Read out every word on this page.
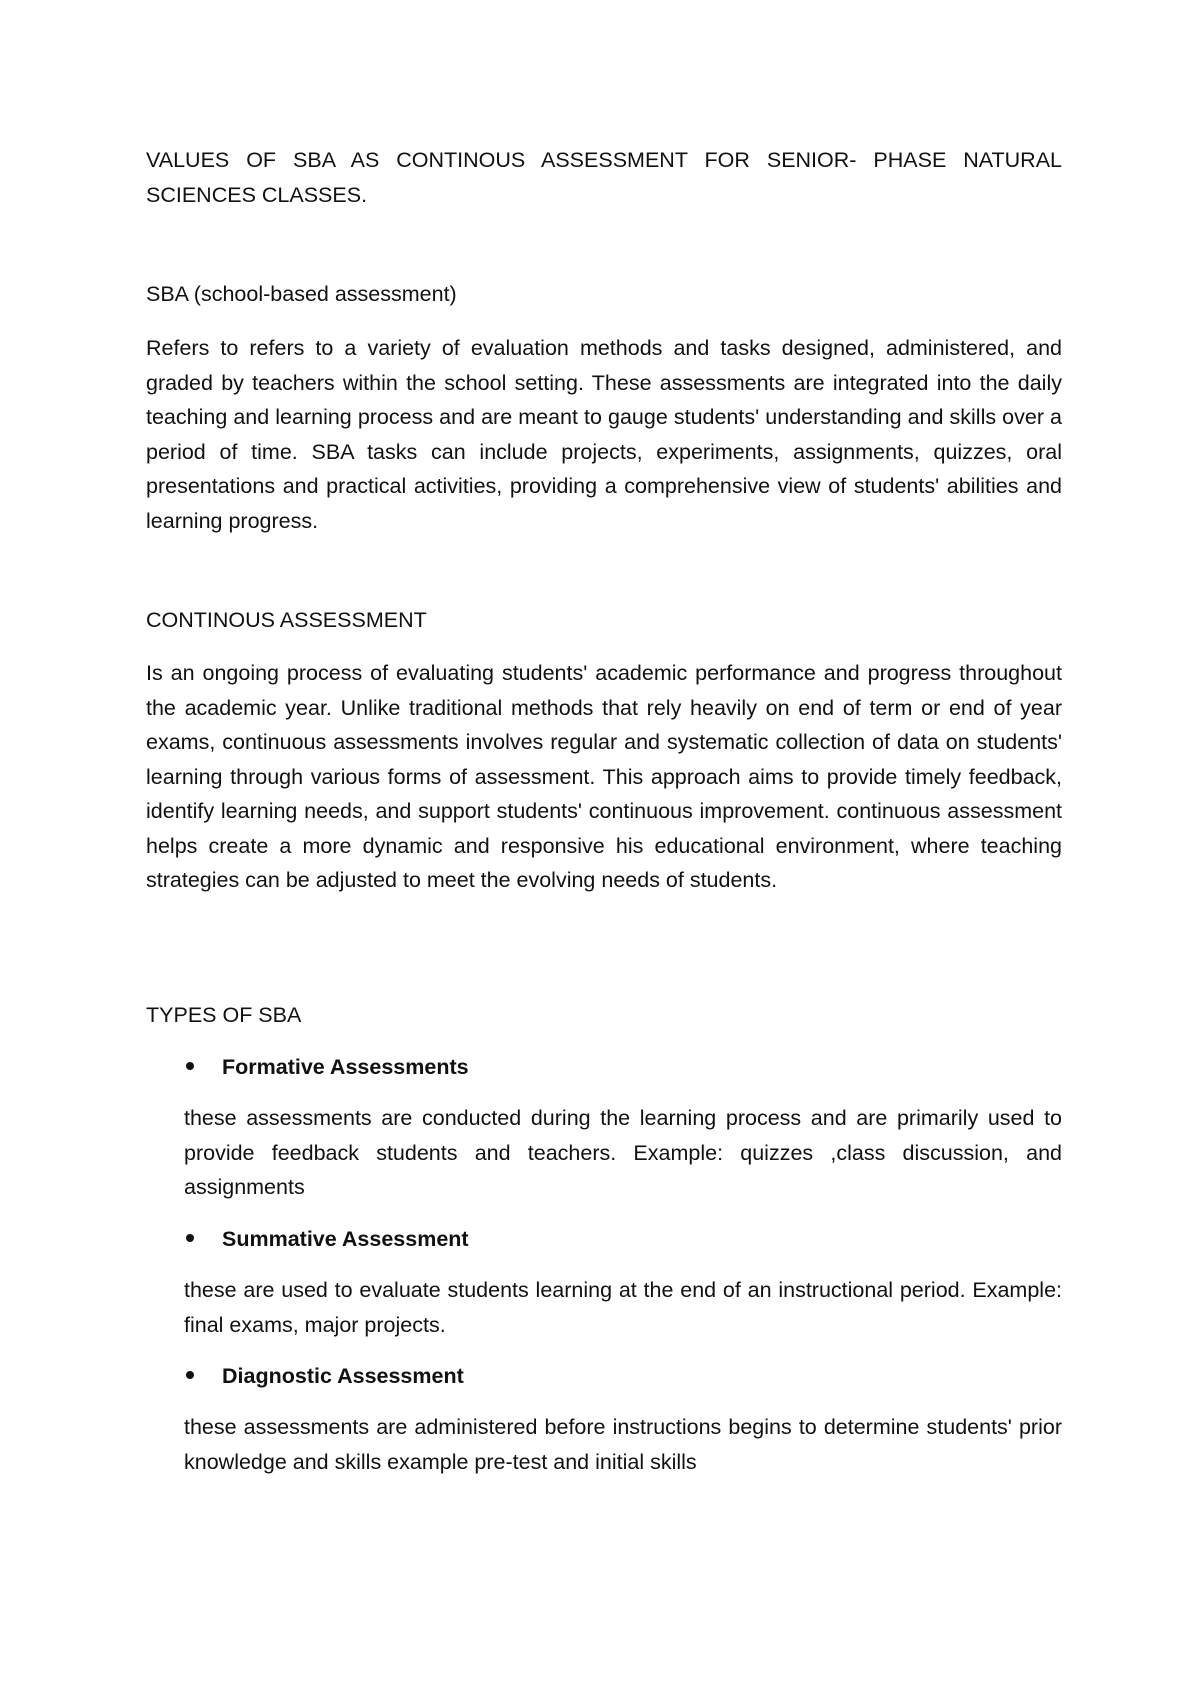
VALUES OF SBA AS CONTINOUS ASSESSMENT FOR SENIOR- PHASE NATURAL SCIENCES CLASSES.
SBA (school-based assessment)
Refers to refers to a variety of evaluation methods and tasks designed, administered, and graded by teachers within the school setting. These assessments are integrated into the daily teaching and learning process and are meant to gauge students' understanding and skills over a period of time. SBA tasks can include projects, experiments, assignments, quizzes, oral presentations and practical activities, providing a comprehensive view of students' abilities and learning progress.
CONTINOUS ASSESSMENT
Is an ongoing process of evaluating students' academic performance and progress throughout the academic year. Unlike traditional methods that rely heavily on end of term or end of year exams, continuous assessments involves regular and systematic collection of data on students' learning through various forms of assessment. This approach aims to provide timely feedback, identify learning needs, and support students' continuous improvement. continuous assessment helps create a more dynamic and responsive his educational environment, where teaching strategies can be adjusted to meet the evolving needs of students.
TYPES OF SBA
Formative Assessments
these assessments are conducted during the learning process and are primarily used to provide feedback students and teachers. Example: quizzes ,class discussion, and assignments
Summative Assessment
these are used to evaluate students learning at the end of an instructional period. Example: final exams, major projects.
Diagnostic Assessment
these assessments are administered before instructions begins to determine students' prior knowledge and skills example pre-test and initial skills
